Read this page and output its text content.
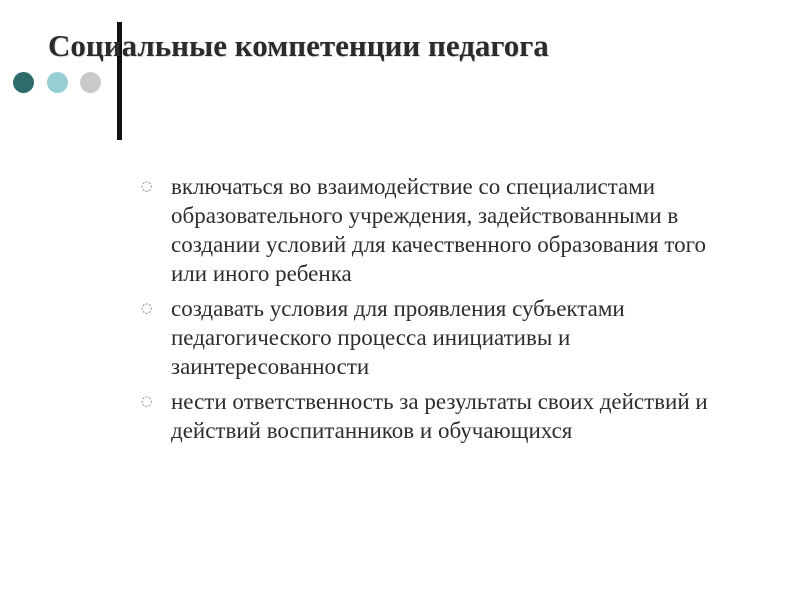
Социальные компетенции педагога
◌ включаться во взаимодействие со специалистами образовательного учреждения, задействованными в создании условий для качественного образования того или иного ребенка
◌ создавать условия для проявления субъектами педагогического процесса инициативы и заинтересованности
◌ нести ответственность за результаты своих действий и действий воспитанников и обучающихся
